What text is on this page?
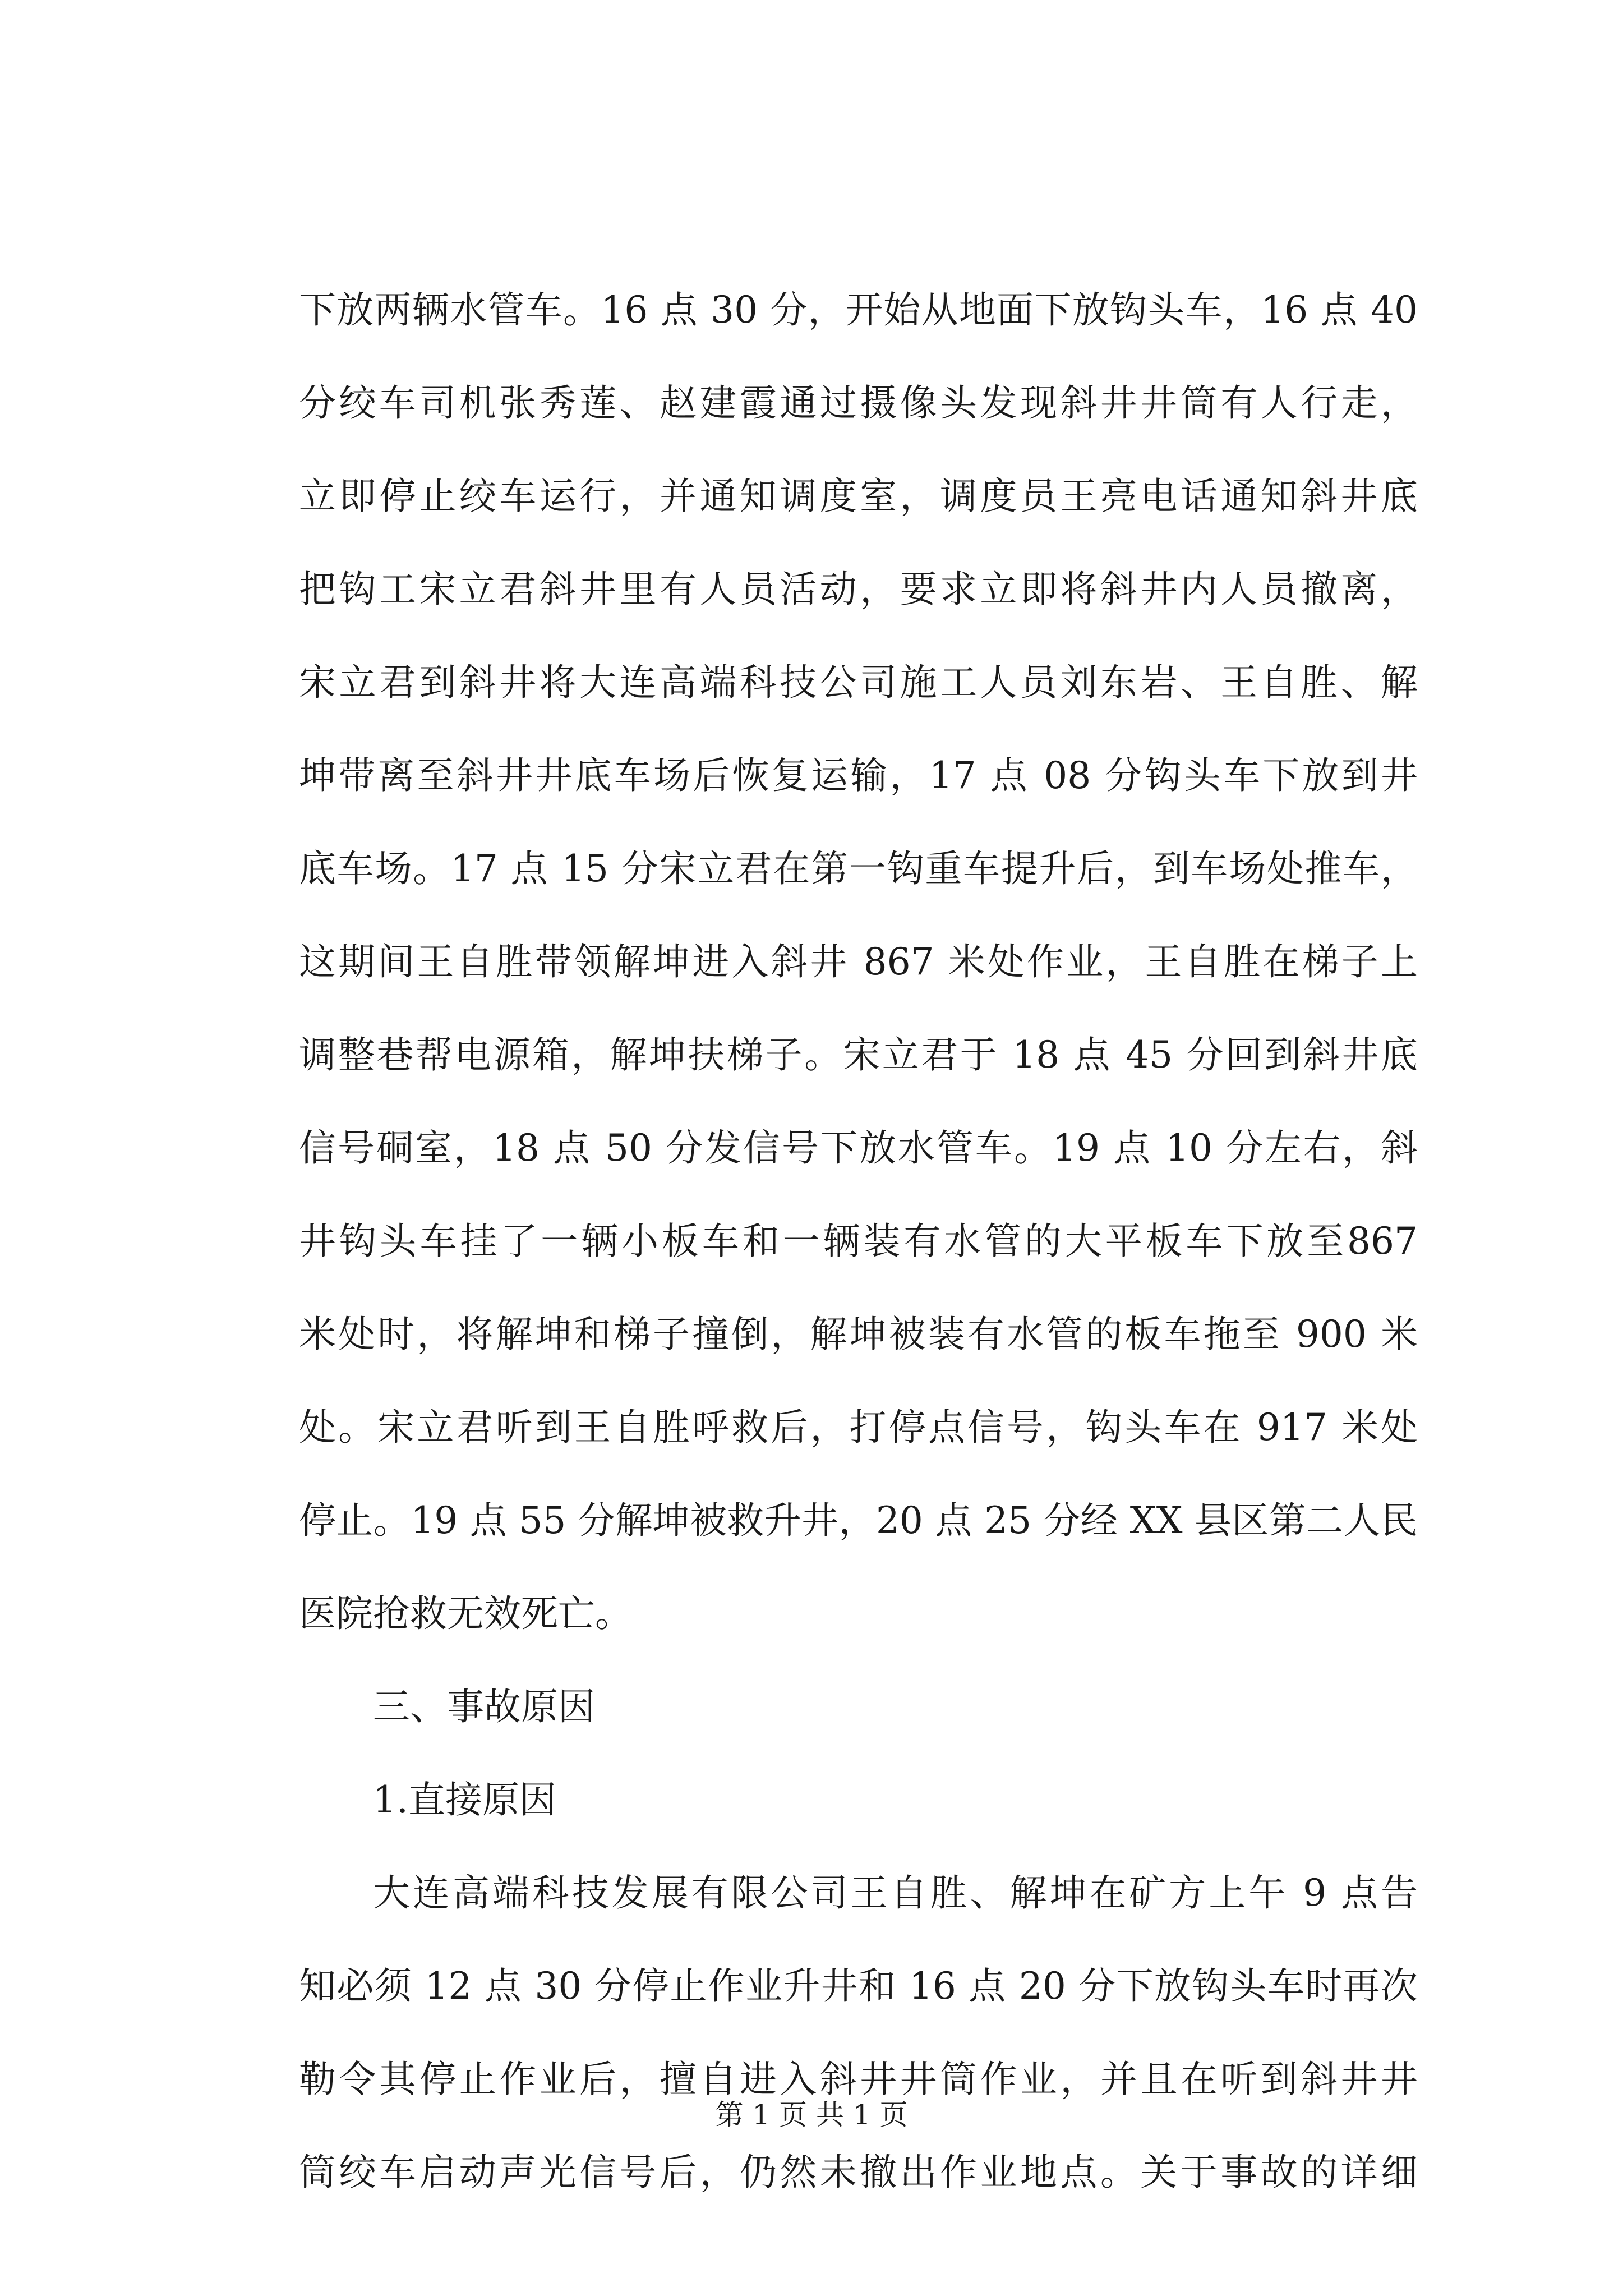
下放两辆水管车。16 点 30 分，开始从地面下放钩头车，16 点 40
分绞车司机张秀莲、赵建霞通过摄像头发现斜井井筒有人行走，
立即停止绞车运行，并通知调度室，调度员王亮电话通知斜井底
把钩工宋立君斜井里有人员活动，要求立即将斜井内人员撤离，
宋立君到斜井将大连高端科技公司施工人员刘东岩、王自胜、解
坤带离至斜井井底车场后恢复运输，17 点 08 分钩头车下放到井
底车场。17 点 15 分宋立君在第一钩重车提升后，到车场处推车，
这期间王自胜带领解坤进入斜井 867 米处作业，王自胜在梯子上
调整巷帮电源箱，解坤扶梯子。宋立君于 18 点 45 分回到斜井底
信号硐室，18 点 50 分发信号下放水管车。19 点 10 分左右，斜
井钩头车挂了一辆小板车和一辆装有水管的大平板车下放至867
米处时，将解坤和梯子撞倒，解坤被装有水管的板车拖至 900 米
处。宋立君听到王自胜呼救后，打停点信号，钩头车在 917 米处
停止。19 点 55 分解坤被救升井，20 点 25 分经 XX 县区第二人民
医院抢救无效死亡。
三、事故原因
1.直接原因
大连高端科技发展有限公司王自胜、解坤在矿方上午 9 点告
知必须 12 点 30 分停止作业升井和 16 点 20 分下放钩头车时再次
勒令其停止作业后，擅自进入斜井井筒作业，并且在听到斜井井
筒绞车启动声光信号后，仍然未撤出作业地点。关于事故的详细
第 1 页 共 1 页
